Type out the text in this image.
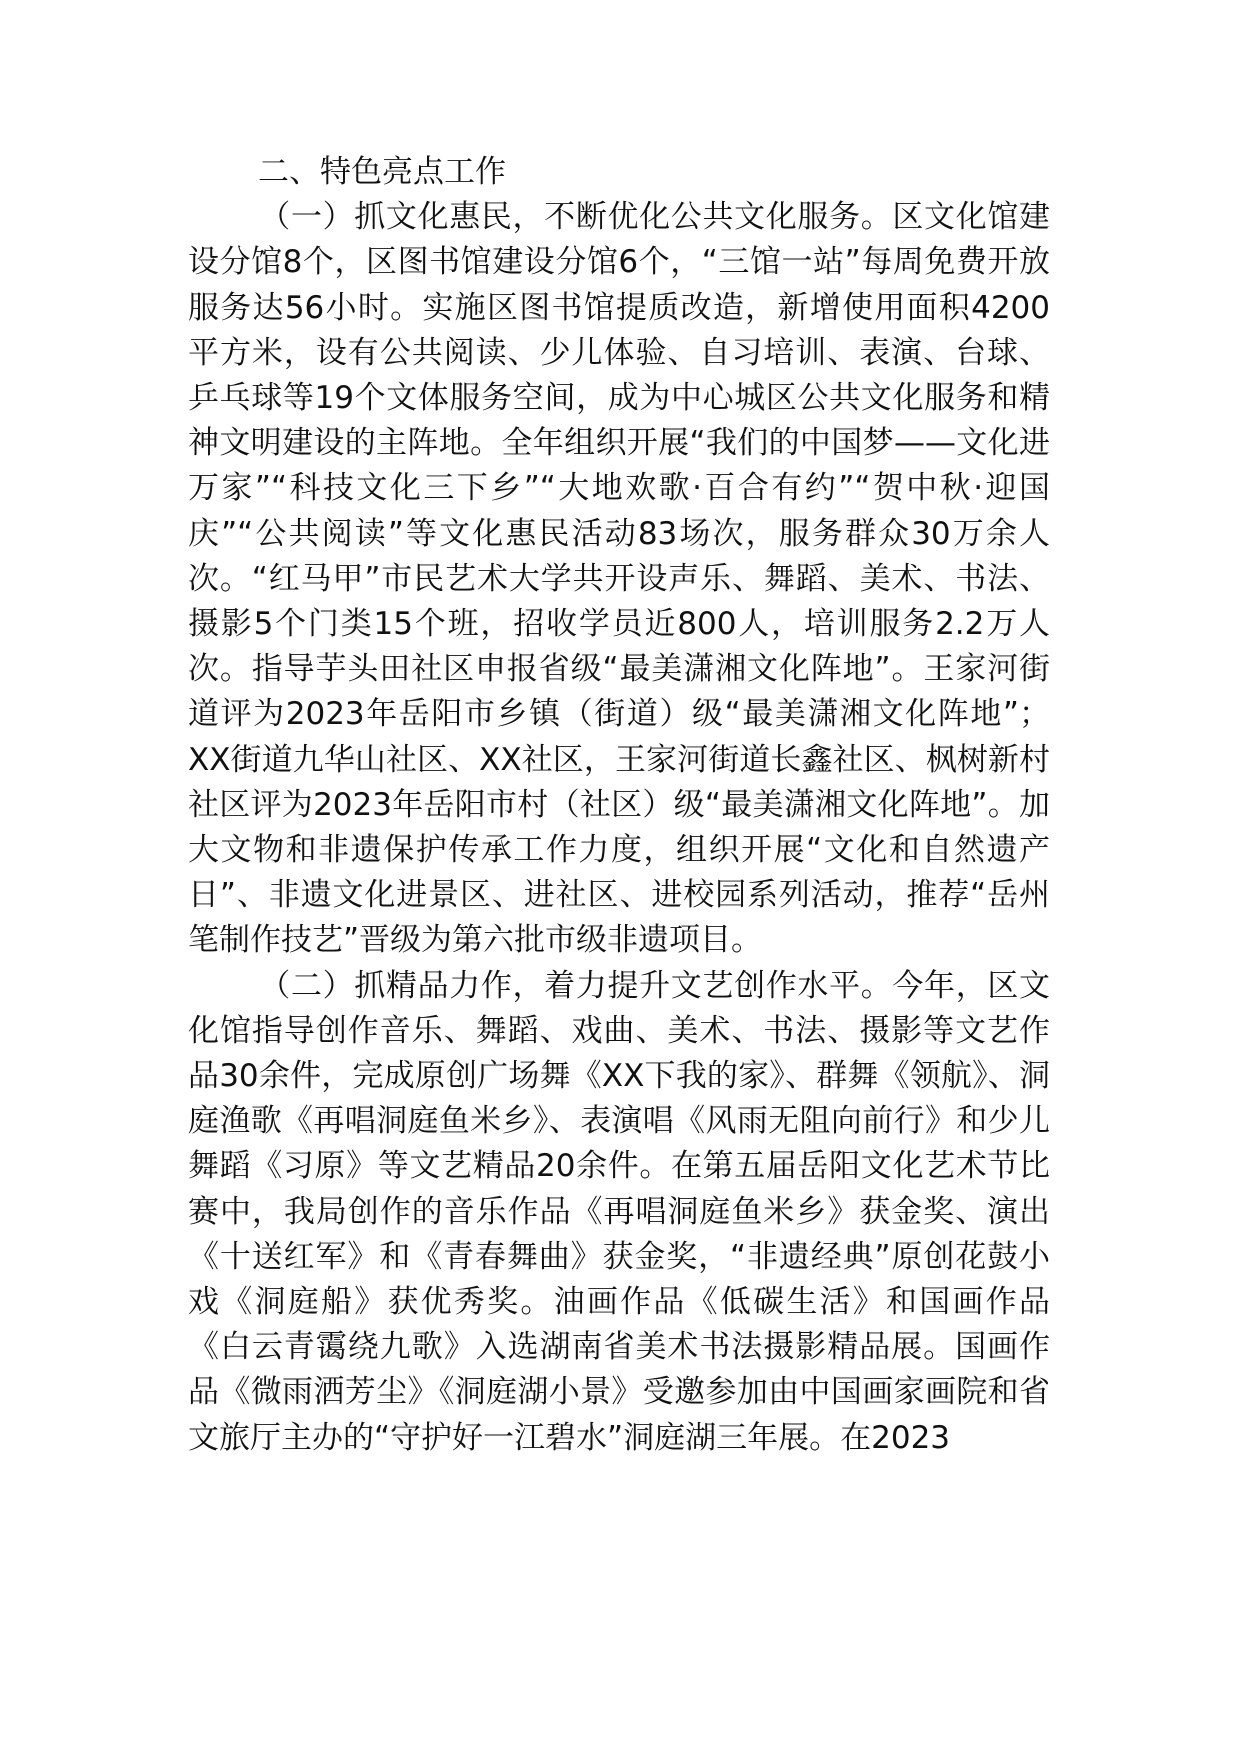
二、特色亮点工作

（一）抓文化惠民，不断优化公共文化服务。区文化馆建设分馆8个，区图书馆建设分馆6个，“三馆一站”每周免费开放服务达56小时。实施区图书馆提质改造，新增使用面积4200平方米，设有公共阅读、少儿体验、自习培训、表演、台球、乒乓球等19个文体服务空间，成为中心城区公共文化服务和精神文明建设的主阵地。全年组织开展“我们的中国梦——文化进万家”“科技文化三下乡”“大地欢歌·百合有约”“贺中秋·迎国庆”“公共阅读”等文化惠民活动83场次，服务群众30万余人次。“红马甲”市民艺术大学共开设声乐、舞蹈、美术、书法、摄影5个门类15个班，招收学员近800人，培训服务2.2万人次。指导芋头田社区申报省级“最美潇湘文化阵地”。王家河街道评为2023年岳阳市乡镇（街道）级“最美潇湘文化阵地”；XX街道九华山社区、XX社区，王家河街道长鑫社区、枫树新村社区评为2023年岳阳市村（社区）级“最美潇湘文化阵地”。加大文物和非遗保护传承工作力度，组织开展“文化和自然遗产日”、非遗文化进景区、进社区、进校园系列活动，推荐“岳州笔制作技艺”晋级为第六批市级非遗项目。

（二）抓精品力作，着力提升文艺创作水平。今年，区文化馆指导创作音乐、舞蹈、戏曲、美术、书法、摄影等文艺作品30余件，完成原创广场舞《XX下我的家》、群舞《领航》、洞庭渔歌《再唱洞庭鱼米乡》、表演唱《风雨无阻向前行》和少儿舞蹈《习原》等文艺精品20余件。在第五届岳阳文化艺术节比赛中，我局创作的音乐作品《再唱洞庭鱼米乡》获金奖、演出《十送红军》和《青春舞曲》获金奖，“非遗经典”原创花鼓小戏《洞庭船》获优秀奖。油画作品《低碳生活》和国画作品《白云青霭绕九歌》入选湖南省美术书法摄影精品展。国画作品《微雨洒芳尘》《洞庭湖小景》受邀参加由中国画家画院和省文旅厅主办的“守护好一江碧水”洞庭湖三年展。在2023
